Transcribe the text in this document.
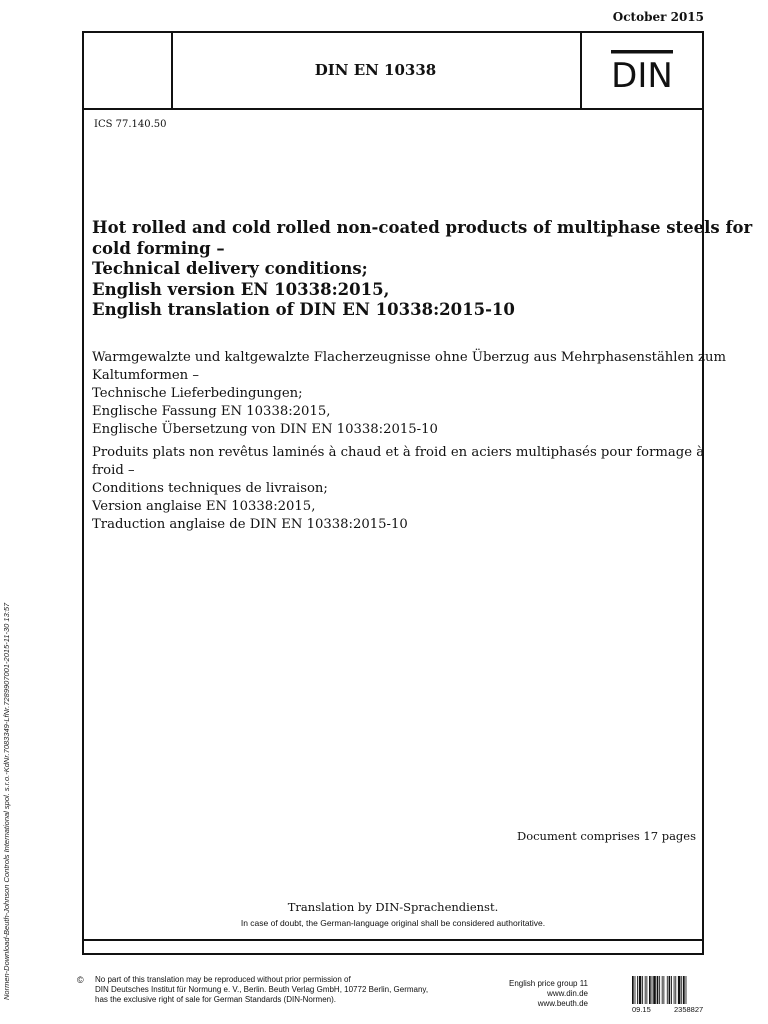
October 2015
DIN EN 10338	DIN
ICS 77.140.50
Hot rolled and cold rolled non-coated products of multiphase steels for
cold forming –
Technical delivery conditions;
English version EN 10338:2015,
English translation of DIN EN 10338:2015-10
Warmgewalzte und kaltgewalzte Flacherzeugnisse ohne Überzug aus Mehrphasenstählen zum
Kaltumformen –
Technische Lieferbedingungen;
Englische Fassung EN 10338:2015,
Englische Übersetzung von DIN EN 10338:2015-10
Produits plats non revêtus laminés à chaud et à froid en aciers multiphasés pour formage à
froid –
Conditions techniques de livraison;
Version anglaise EN 10338:2015,
Traduction anglaise de DIN EN 10338:2015-10
Document comprises 17 pages
Translation by DIN-Sprachendienst.
In case of doubt, the German-language original shall be considered authoritative.
Normen-Download-Beuth-Johnson Controls International spol. s.r.o.-KdNr.7083349-LfNr.7289907001-2015-11-30 13:57	© No part of this translation may be reproduced without prior permission of
DIN Deutsches Institut für Normung e. V., Berlin. Beuth Verlag GmbH, 10772 Berlin, Germany,
has the exclusive right of sale for German Standards (DIN-Normen).
English price group 11
www.din.de
www.beuth.de
09.15	2358827
